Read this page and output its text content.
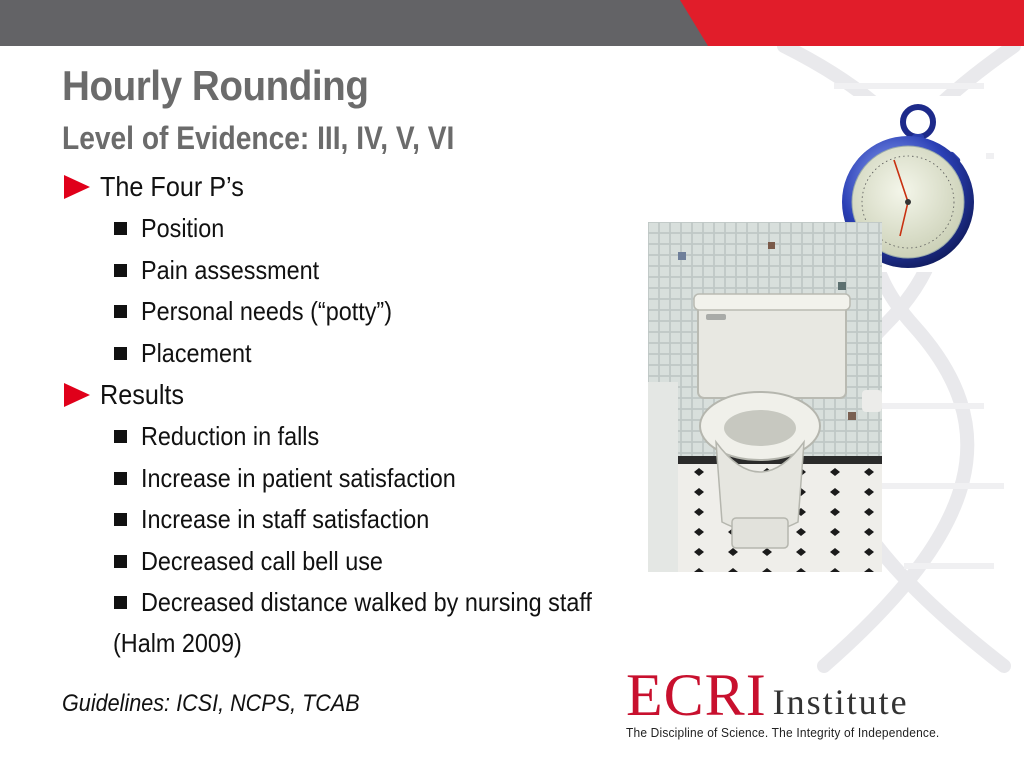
Hourly Rounding
Level of Evidence: III, IV, V, VI
The Four P’s
Position
Pain assessment
Personal needs (“potty”)
Placement
Results
Reduction in falls
Increase in patient satisfaction
Increase in staff satisfaction
Decreased call bell use
Decreased distance walked by nursing staff
(Halm 2009)
Guidelines: ICSI, NCPS, TCAB	ECRI Institute
The Discipline of Science. The Integrity of Independence.
